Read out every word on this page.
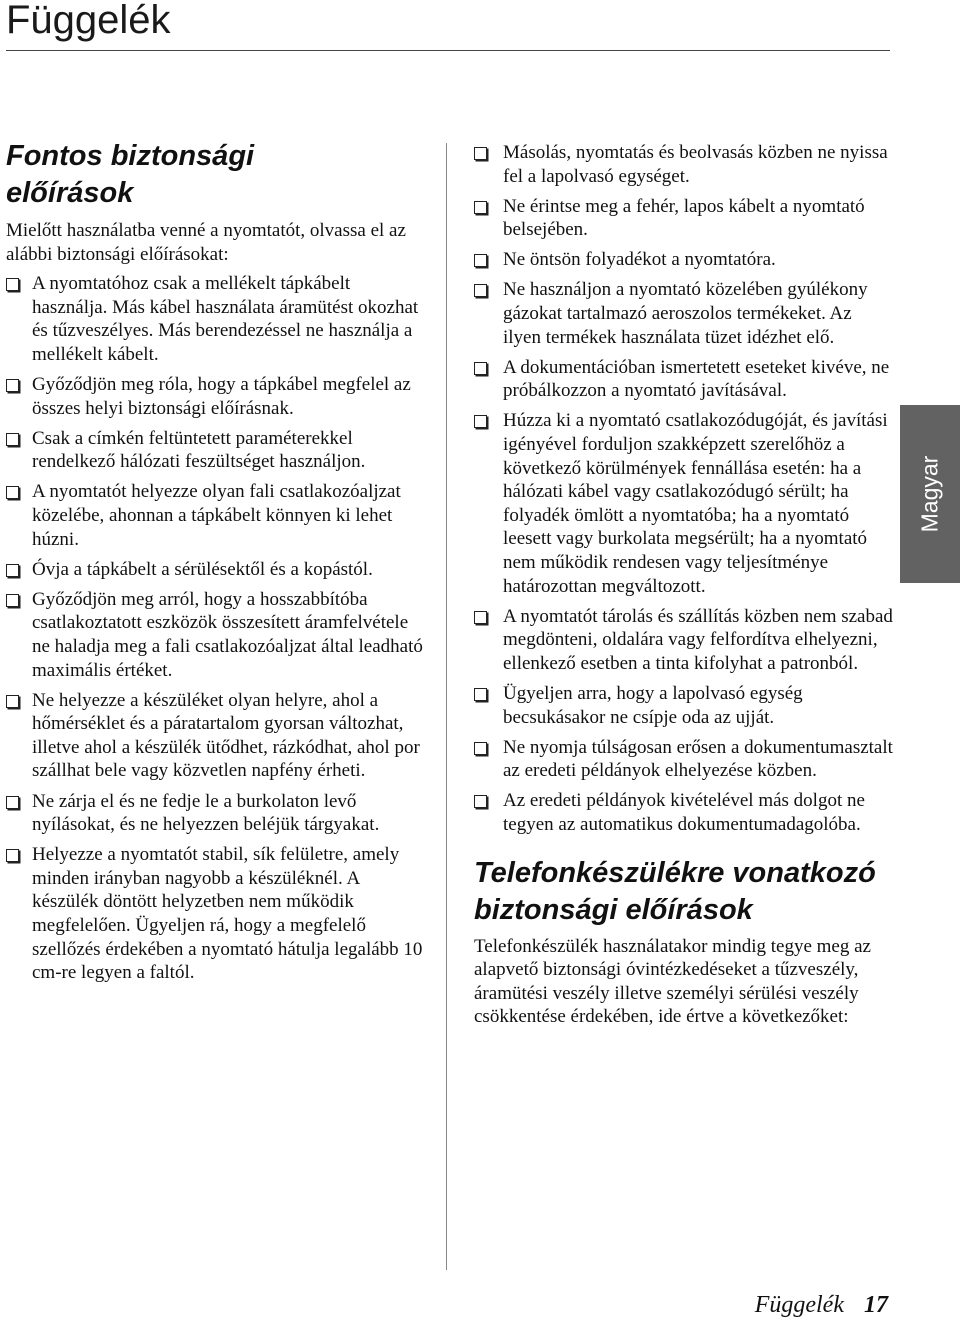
Függelék
Magyar
Fontos biztonsági előírások

Mielőtt használatba venné a nyomtatót, olvassa el az alábbi biztonsági előírásokat:

A nyomtatóhoz csak a mellékelt tápkábelt használja. Más kábel használata áramütést okozhat és tűzveszélyes. Más berendezéssel ne használja a mellékelt kábelt.
Győződjön meg róla, hogy a tápkábel megfelel az összes helyi biztonsági előírásnak.
Csak a címkén feltüntetett paraméterekkel rendelkező hálózati feszültséget használjon.
A nyomtatót helyezze olyan fali csatlakozóaljzat közelébe, ahonnan a tápkábelt könnyen ki lehet húzni.
Óvja a tápkábelt a sérülésektől és a kopástól.
Győződjön meg arról, hogy a hosszabbítóba csatlakoztatott eszközök összesített áramfelvétele ne haladja meg a fali csatlakozóaljzat által leadható maximális értéket.
Ne helyezze a készüléket olyan helyre, ahol a hőmérséklet és a páratartalom gyorsan változhat, illetve ahol a készülék ütődhet, rázkódhat, ahol por szállhat bele vagy közvetlen napfény érheti.
Ne zárja el és ne fedje le a burkolaton levő nyílásokat, és ne helyezzen beléjük tárgyakat.
Helyezze a nyomtatót stabil, sík felületre, amely minden irányban nagyobb a készüléknél. A készülék döntött helyzetben nem működik megfelelően. Ügyeljen rá, hogy a megfelelő szellőzés érdekében a nyomtató hátulja legalább 10 cm-re legyen a faltól.
Másolás, nyomtatás és beolvasás közben ne nyissa fel a lapolvasó egységet.
Ne érintse meg a fehér, lapos kábelt a nyomtató belsejében.
Ne öntsön folyadékot a nyomtatóra.
Ne használjon a nyomtató közelében gyúlékony gázokat tartalmazó aeroszolos termékeket. Az ilyen termékek használata tüzet idézhet elő.
A dokumentációban ismertetett eseteket kivéve, ne próbálkozzon a nyomtató javításával.
Húzza ki a nyomtató csatlakozódugóját, és javítási igényével forduljon szakképzett szerelőhöz a következő körülmények fennállása esetén: ha a hálózati kábel vagy csatlakozódugó sérült; ha folyadék ömlött a nyomtatóba; ha a nyomtató leesett vagy burkolata megsérült; ha a nyomtató nem működik rendesen vagy teljesítménye határozottan megváltozott.
A nyomtatót tárolás és szállítás közben nem szabad megdönteni, oldalára vagy felfordítva elhelyezni, ellenkező esetben a tinta kifolyhat a patronból.
Ügyeljen arra, hogy a lapolvasó egység becsukásakor ne csípje oda az ujját.
Ne nyomja túlságosan erősen a dokumentumasztalt az eredeti példányok elhelyezése közben.
Az eredeti példányok kivételével más dolgot ne tegyen az automatikus dokumentumadagolóba.
Telefonkészülékre vonatkozó biztonsági előírások

Telefonkészülék használatakor mindig tegye meg az alapvető biztonsági óvintézkedéseket a tűzveszély, áramütési veszély illetve személyi sérülési veszély csökkentése érdekében, ide értve a következőket:

Függelék 17
